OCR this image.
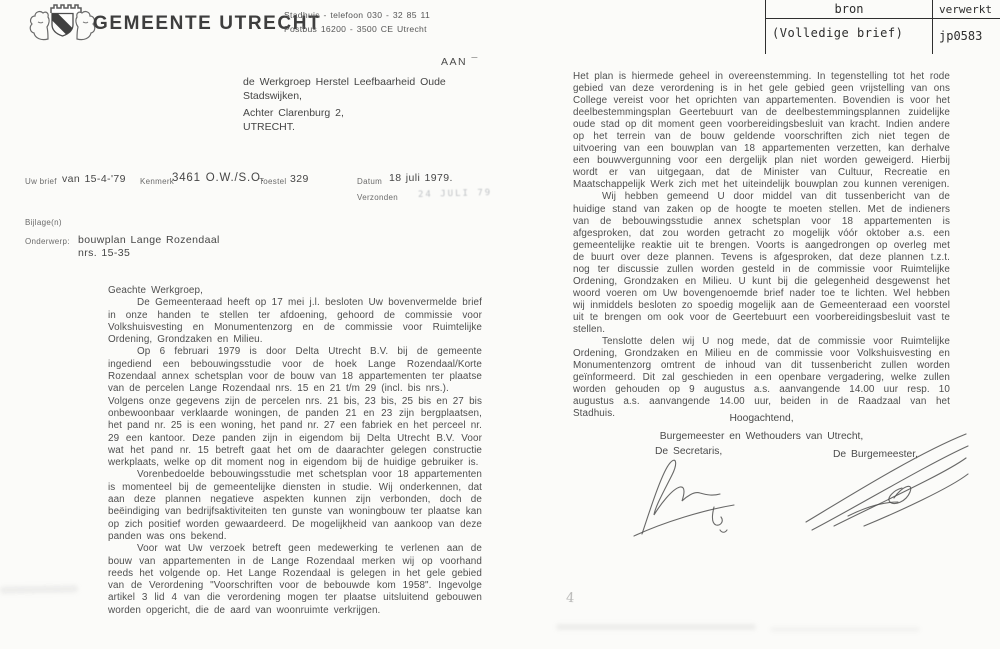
GEMEENTE UTRECHT
Stadhuis - telefoon 030 - 32 85 11
Postbus 16200 - 3500 CE Utrecht
bron	verwerkt
(Volledige brief)	jp0583
AAN ¯
de Werkgroep Herstel Leefbaarheid Oude
Stadswijken,
Achter Clarenburg 2,
UTRECHT.
Uw brief van 15-4-'79 Kenmerk
3461 O.W./S.O.
Toestel 329	Datum 18 juli 1979.
Verzonden 24 JULI 79
Bijlage(n)
Onderwerp: bouwplan Lange Rozendaal
nrs. 15-35

Geachte Werkgroep,

De Gemeenteraad heeft op 17 mei j.l. besloten Uw bovenvermelde brief in onze handen te stellen ter afdoening, gehoord de commissie voor Volkshuisvesting en Monumentenzorg en de commissie voor Ruimtelijke Ordening, Grondzaken en Milieu.

Op 6 februari 1979 is door Delta Utrecht B.V. bij de gemeente ingediend een bebouwingsstudie voor de hoek Lange Rozendaal/Korte Rozendaal annex schetsplan voor de bouw van 18 appartementen ter plaatse van de percelen Lange Rozendaal nrs. 15 en 21 t/m 29 (incl. bis nrs.).

Volgens onze gegevens zijn de percelen nrs. 21 bis, 23 bis, 25 bis en 27 bis onbewoonbaar verklaarde woningen, de panden 21 en 23 zijn bergplaatsen, het pand nr. 25 is een woning, het pand nr. 27 een fabriek en het perceel nr. 29 een kantoor. Deze panden zijn in eigendom bij Delta Utrecht B.V. Voor wat het pand nr. 15 betreft gaat het om de daarachter gelegen constructie werkplaats, welke op dit moment nog in eigendom bij de huidige gebruiker is.

Vorenbedoelde bebouwingsstudie met schetsplan voor 18 appartementen is momenteel bij de gemeentelijke diensten in studie. Wij onderkennen, dat aan deze plannen negatieve aspekten kunnen zijn verbonden, doch de beëindiging van bedrijfsaktiviteiten ten gunste van woningbouw ter plaatse kan op zich positief worden gewaardeerd. De mogelijkheid van aankoop van deze panden was ons bekend.

Voor wat Uw verzoek betreft geen medewerking te verlenen aan de bouw van appartementen in de Lange Rozendaal merken wij op voorhand reeds het volgende op. Het Lange Rozendaal is gelegen in het gele gebied van de Verordening "Voorschriften voor de bebouwde kom 1958". Ingevolge artikel 3 lid 4 van die verordening mogen ter plaatse uitsluitend gebouwen worden opgericht, die de aard van woonruimte verkrijgen.

Het plan is hiermede geheel in overeenstemming. In tegenstelling tot het rode gebied van deze verordening is in het gele gebied geen vrijstelling van ons College vereist voor het oprichten van appartementen. Bovendien is voor het deelbestemmingsplan Geertebuurt van de deelbestemmingsplannen zuidelijke oude stad op dit moment geen voorbereidingsbesluit van kracht. Indien andere op het terrein van de bouw geldende voorschriften zich niet tegen de uitvoering van een bouwplan van 18 appartementen verzetten, kan derhalve een bouwvergunning voor een dergelijk plan niet worden geweigerd. Hierbij wordt er van uitgegaan, dat de Minister van Cultuur, Recreatie en Maatschappelijk Werk zich met het uiteindelijk bouwplan zou kunnen verenigen.

Wij hebben gemeend U door middel van dit tussenbericht van de huidige stand van zaken op de hoogte te moeten stellen. Met de indieners van de bebouwingsstudie annex schetsplan voor 18 appartementen is afgesproken, dat zou worden getracht zo mogelijk vóór oktober a.s. een gemeentelijke reaktie uit te brengen. Voorts is aangedrongen op overleg met de buurt over deze plannen. Tevens is afgesproken, dat deze plannen t.z.t. nog ter discussie zullen worden gesteld in de commissie voor Ruimtelijke Ordening, Grondzaken en Milieu. U kunt bij die gelegenheid desgewenst het woord voeren om Uw bovengenoemde brief nader toe te lichten. Wel hebben wij inmiddels besloten zo spoedig mogelijk aan de Gemeenteraad een voorstel uit te brengen om ook voor de Geertebuurt een voorbereidingsbesluit vast te stellen.

Tenslotte delen wij U nog mede, dat de commissie voor Ruimtelijke Ordening, Grondzaken en Milieu en de commissie voor Volkshuisvesting en Monumentenzorg omtrent de inhoud van dit tussenbericht zullen worden geïnformeerd. Dit zal geschieden in een openbare vergadering, welke zullen worden gehouden op 9 augustus a.s. aanvangende 14.00 uur resp. 10 augustus a.s. aanvangende 14.00 uur, beiden in de Raadzaal van het Stadhuis.	Hoogachtend,
Burgemeester en Wethouders van Utrecht,
De Secretaris,	De Burgemeester,
4
